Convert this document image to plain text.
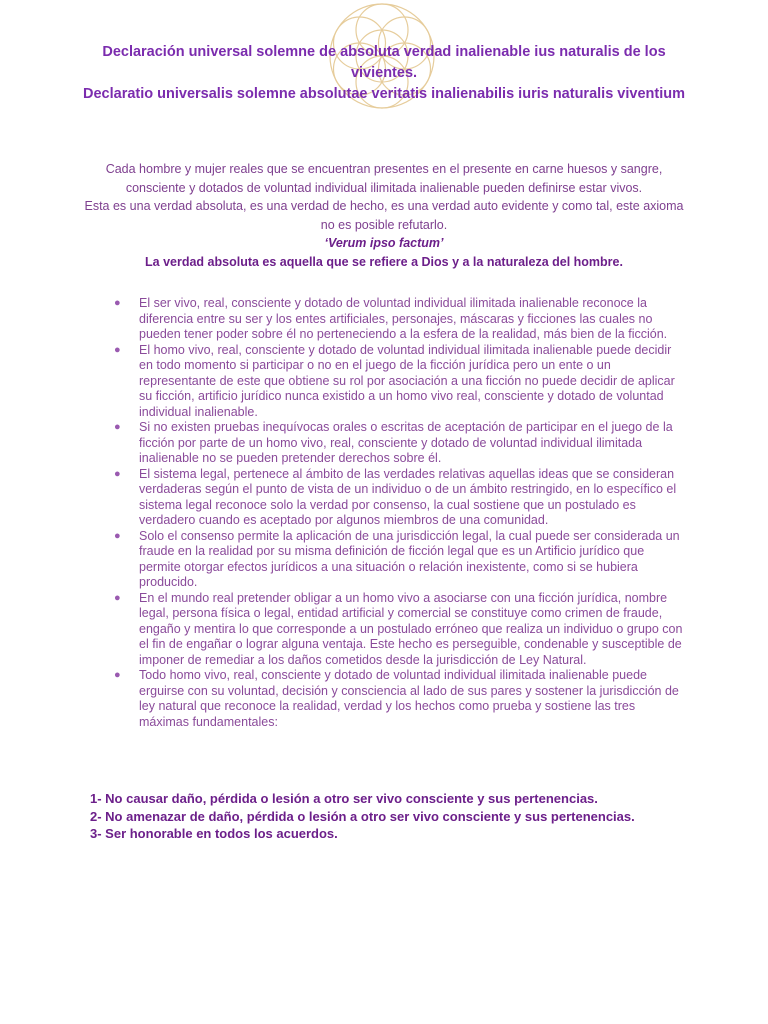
Declaración universal solemne de absoluta verdad inalienable ius naturalis de los vivientes.

Declaratio universalis solemne absolutae veritatis inalienabilis iuris naturalis viventium

Cada hombre y mujer reales que se encuentran presentes en el presente en carne huesos y sangre, consciente y dotados de voluntad individual ilimitada inalienable pueden definirse estar vivos.

Esta es una verdad absoluta, es una verdad de hecho, es una verdad auto evidente y como tal, este axioma no es posible refutarlo.

‘Verum ipso factum’

La verdad absoluta es aquella que se refiere a Dios y a la naturaleza del hombre.

● El ser vivo, real, consciente y dotado de voluntad individual ilimitada inalienable reconoce la diferencia entre su ser y los entes artificiales, personajes, máscaras y ficciones las cuales no pueden tener poder sobre él no perteneciendo a la esfera de la realidad, más bien de la ficción.
● El homo vivo, real, consciente y dotado de voluntad individual ilimitada inalienable puede decidir en todo momento si participar o no en el juego de la ficción jurídica pero un ente o un representante de este que obtiene su rol por asociación a una ficción no puede decidir de aplicar su ficción, artificio jurídico nunca existido a un homo vivo real, consciente y dotado de voluntad individual inalienable.
● Si no existen pruebas inequívocas orales o escritas de aceptación de participar en el juego de la ficción por parte de un homo vivo, real, consciente y dotado de voluntad individual ilimitada inalienable no se pueden pretender derechos sobre él.
● El sistema legal, pertenece al ámbito de las verdades relativas aquellas ideas que se consideran verdaderas según el punto de vista de un individuo o de un ámbito restringido, en lo específico el sistema legal reconoce solo la verdad por consenso, la cual sostiene que un postulado es verdadero cuando es aceptado por algunos miembros de una comunidad.
● Solo el consenso permite la aplicación de una jurisdicción legal, la cual puede ser considerada un fraude en la realidad por su misma definición de ficción legal que es un Artificio jurídico que permite otorgar efectos jurídicos a una situación o relación inexistente, como si se hubiera producido.
● En el mundo real pretender obligar a un homo vivo a asociarse con una ficción jurídica, nombre legal, persona física o legal, entidad artificial y comercial se constituye como crimen de fraude, engaño y mentira lo que corresponde a un postulado erróneo que realiza un individuo o grupo con el fin de engañar o lograr alguna ventaja. Este hecho es perseguible, condenable y susceptible de imponer de remediar a los daños cometidos desde la jurisdicción de Ley Natural.
● Todo homo vivo, real, consciente y dotado de voluntad individual ilimitada inalienable puede erguirse con su voluntad, decisión y consciencia al lado de sus pares y sostener la jurisdicción de ley natural que reconoce la realidad, verdad y los hechos como prueba y sostiene las tres máximas fundamentales:

1- No causar daño, pérdida o lesión a otro ser vivo consciente y sus pertenencias.

2- No amenazar de daño, pérdida o lesión a otro ser vivo consciente y sus pertenencias.

3- Ser honorable en todos los acuerdos.
